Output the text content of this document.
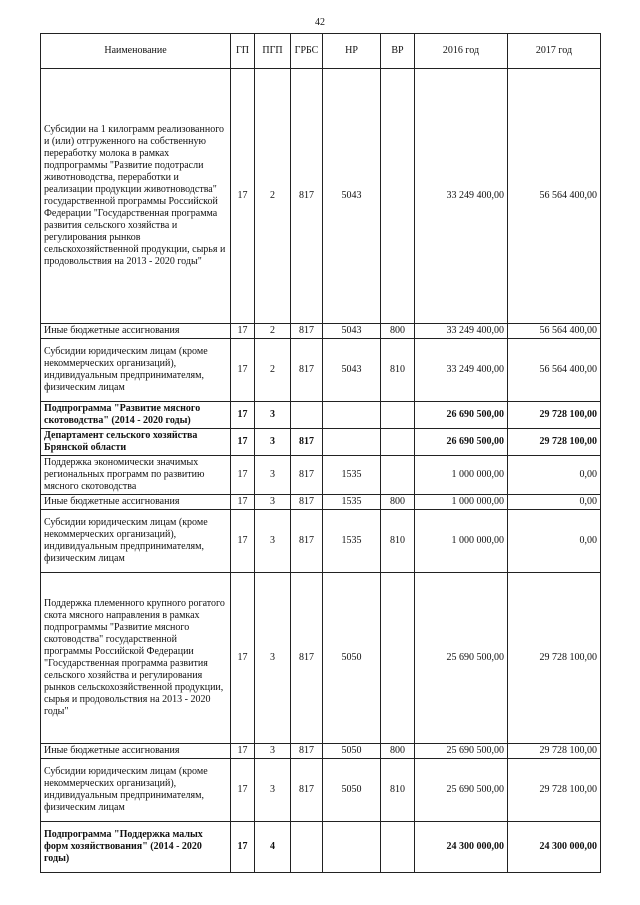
42
Наименование	ГП	ПГП	ГРБС	НР	ВР	2016 год	2017 год
Субсидии на 1 килограмм реализованного и (или) отгруженного на собственную переработку молока в рамках подпрограммы "Развитие подотрасли животноводства, переработки и реализации продукции животноводства" государственной программы Российской Федерации "Государственная программа развития сельского хозяйства и регулирования рынков сельскохозяйственной продукции, сырья и продовольствия на 2013 - 2020 годы"	17	2	817	5043		33 249 400,00	56 564 400,00
Иные бюджетные ассигнования	17	2	817	5043	800	33 249 400,00	56 564 400,00
Субсидии юридическим лицам (кроме некоммерческих организаций), индивидуальным предпринимателям, физическим лицам	17	2	817	5043	810	33 249 400,00	56 564 400,00
Подпрограмма "Развитие мясного скотоводства" (2014 - 2020 годы)	17	3				26 690 500,00	29 728 100,00
Департамент сельского хозяйства Брянской области	17	3	817			26 690 500,00	29 728 100,00
Поддержка экономически значимых региональных программ по развитию мясного скотоводства	17	3	817	1535		1 000 000,00	0,00
Иные бюджетные ассигнования	17	3	817	1535	800	1 000 000,00	0,00
Субсидии юридическим лицам (кроме некоммерческих организаций), индивидуальным предпринимателям, физическим лицам	17	3	817	1535	810	1 000 000,00	0,00
Поддержка племенного крупного рогатого скота мясного направления в рамках подпрограммы "Развитие мясного скотоводства" государственной программы Российской Федерации "Государственная программа развития сельского хозяйства и регулирования рынков сельскохозяйственной продукции, сырья и продовольствия на 2013 - 2020 годы"	17	3	817	5050		25 690 500,00	29 728 100,00
Иные бюджетные ассигнования	17	3	817	5050	800	25 690 500,00	29 728 100,00
Субсидии юридическим лицам (кроме некоммерческих организаций), индивидуальным предпринимателям, физическим лицам	17	3	817	5050	810	25 690 500,00	29 728 100,00
Подпрограмма "Поддержка малых форм хозяйствования" (2014 - 2020 годы)	17	4				24 300 000,00	24 300 000,00
